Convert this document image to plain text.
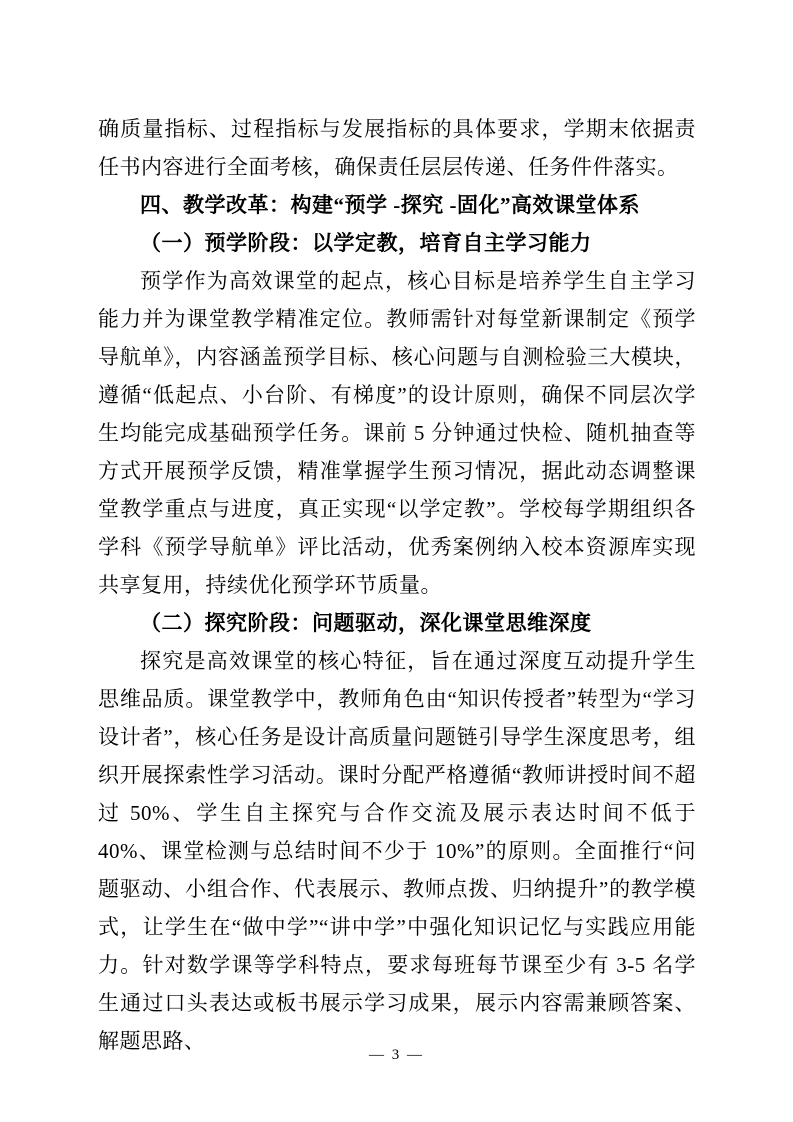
确质量指标、过程指标与发展指标的具体要求，学期末依据责任书内容进行全面考核，确保责任层层传递、任务件件落实。

四、教学改革：构建“预学 -探究 -固化”高效课堂体系

（一）预学阶段：以学定教，培育自主学习能力

预学作为高效课堂的起点，核心目标是培养学生自主学习能力并为课堂教学精准定位。教师需针对每堂新课制定《预学导航单》，内容涵盖预学目标、核心问题与自测检验三大模块，遵循“低起点、小台阶、有梯度”的设计原则，确保不同层次学生均能完成基础预学任务。课前 5 分钟通过快检、随机抽查等方式开展预学反馈，精准掌握学生预习情况，据此动态调整课堂教学重点与进度，真正实现“以学定教”。学校每学期组织各学科《预学导航单》评比活动，优秀案例纳入校本资源库实现共享复用，持续优化预学环节质量。

（二）探究阶段：问题驱动，深化课堂思维深度

探究是高效课堂的核心特征，旨在通过深度互动提升学生思维品质。课堂教学中，教师角色由“知识传授者”转型为“学习设计者”，核心任务是设计高质量问题链引导学生深度思考，组织开展探索性学习活动。课时分配严格遵循“教师讲授时间不超过 50%、学生自主探究与合作交流及展示表达时间不低于 40%、课堂检测与总结时间不少于 10%”的原则。全面推行“问题驱动、小组合作、代表展示、教师点拨、归纳提升”的教学模式，让学生在“做中学”“讲中学”中强化知识记忆与实践应用能力。针对数学课等学科特点，要求每班每节课至少有 3-5 名学生通过口头表达或板书展示学习成果，展示内容需兼顾答案、解题思路、

— 3 —
